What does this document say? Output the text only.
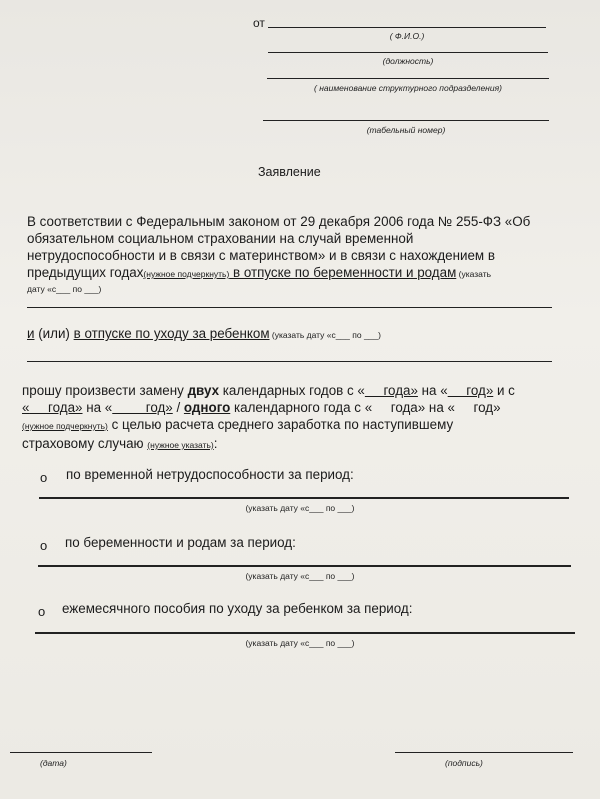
от
( Ф.И.О.)
(должность)
( наименование структурного подразделения)
(табельный номер)
Заявление
В соответствии с Федеральным законом от 29 декабря 2006 года № 255-ФЗ «Об
обязательном социальном страховании на случай временной
нетрудоспособности и в связи с материнством» и в связи с нахождением в
предыдущих годах(нужное подчеркнуть) в отпуске по беременности и родам (указать
дату «с___ по ___)
и (или) в отпуске по уходу за ребенком (указать дату «с___ по ___)
прошу произвести замену двух календарных годов с «     года» на «     год» и с
«     года» на «         год» / одного календарного года с «     года» на «     год»
(нужное подчеркнуть) с целью расчета среднего заработка по наступившему
страховому случаю (нужное указать):
o по временной нетрудоспособности за период:
(указать дату «с___ по ___)
o по беременности и родам за период:
(указать дату «с___ по ___)
o ежемесячного пособия по уходу за ребенком за период:
(указать дату «с___ по ___)
(дата)	(подпись)
